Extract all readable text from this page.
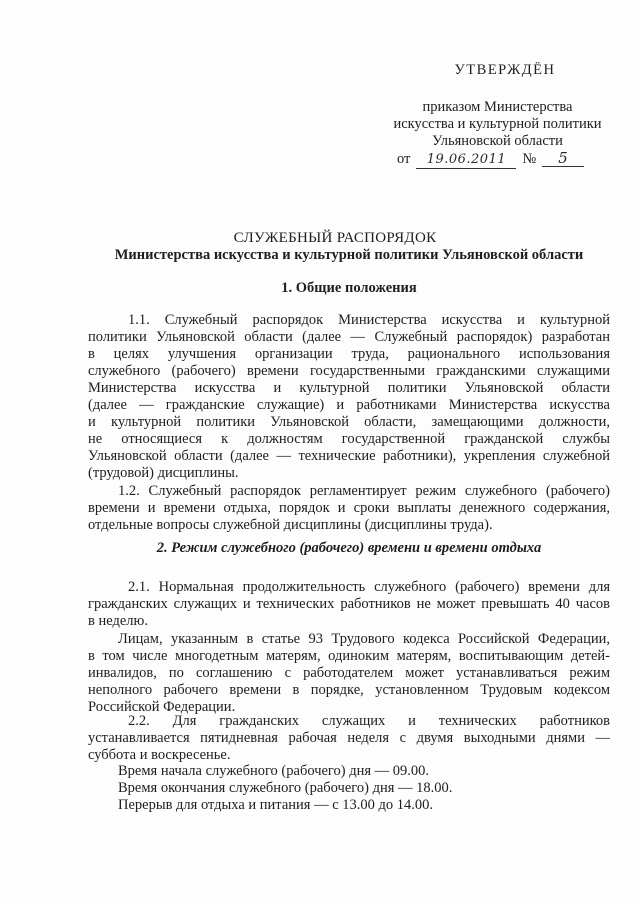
УТВЕРЖДЁН
приказом Министерства
искусства и культурной политики
Ульяновской области
от 19.06.2011 № 5
СЛУЖЕБНЫЙ РАСПОРЯДОК
Министерства искусства и культурной политики Ульяновской области
1.1. Служебный распорядок Министерства искусства и культурной
политики Ульяновской области (далее — Служебный распорядок) разработан
в целях улучшения организации труда, рационального использования
служебного (рабочего) времени государственными гражданскими служащими
Министерства искусства и культурной политики Ульяновской области
(далее — гражданские служащие) и работниками Министерства искусства
и культурной политики Ульяновской области, замещающими должности,
не относящиеся к должностям государственной гражданской службы
Ульяновской области (далее — технические работники), укрепления служебной
(трудовой) дисциплины.
1.2. Служебный распорядок регламентирует режим служебного (рабочего)
времени и времени отдыха, порядок и сроки выплаты денежного содержания,
отдельные вопросы служебной дисциплины (дисциплины труда).
2.1. Нормальная продолжительность служебного (рабочего) времени для
гражданских служащих и технических работников не может превышать 40 часов
в неделю.
Лицам, указанным в статье 93 Трудового кодекса Российской Федерации,
в том числе многодетным матерям, одиноким матерям, воспитывающим детей-
инвалидов, по соглашению с работодателем может устанавливаться режим
неполного рабочего времени в порядке, установленном Трудовым кодексом
Российской Федерации.
2.2. Для гражданских служащих и технических работников
устанавливается пятидневная рабочая неделя с двумя выходными днями —
суббота и воскресенье.
Время начала служебного (рабочего) дня — 09.00.
Время окончания служебного (рабочего) дня — 18.00.
Перерыв для отдыха и питания — с 13.00 до 14.00.
1. Общие положения
2. Режим служебного (рабочего) времени и времени отдыха
